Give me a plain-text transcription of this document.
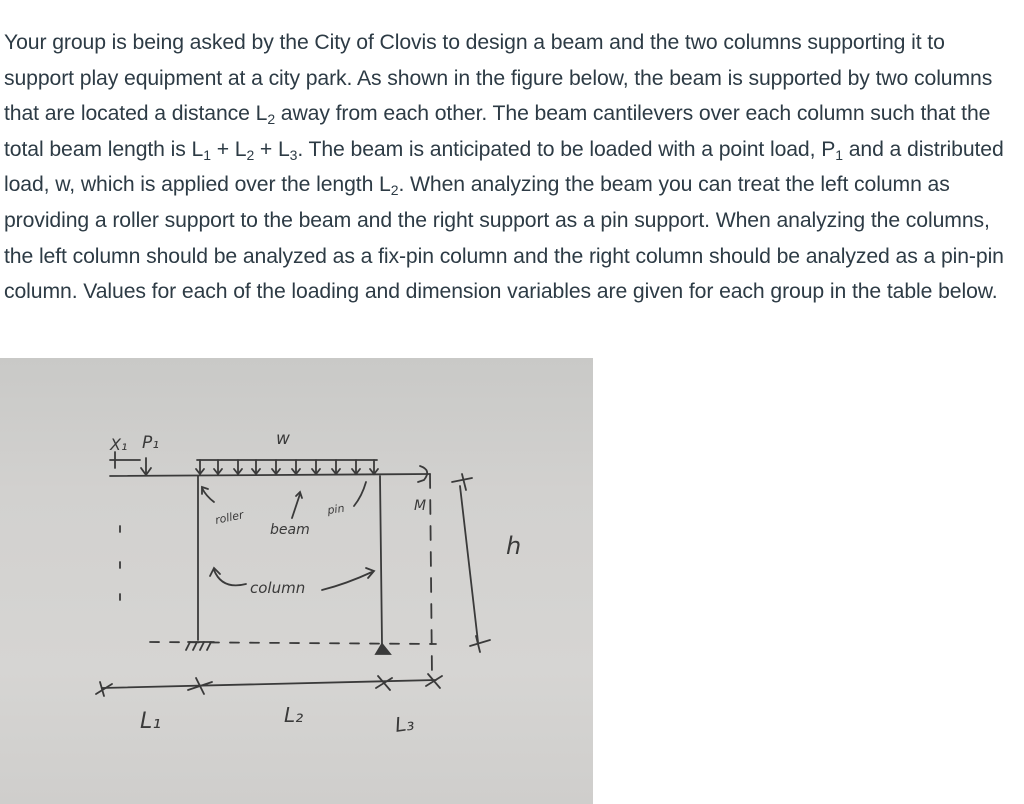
Your group is being asked by the City of Clovis to design a beam and the two columns supporting it to support play equipment at a city park. As shown in the figure below, the beam is supported by two columns that are located a distance $L_2$ away from each other. The beam cantilevers over each column such that the total beam length is $L_1 + L_2 + L_3$. The beam is anticipated to be loaded with a point load, $P_1$ and a distributed load, w, which is applied over the length $L_2$. When analyzing the beam you can treat the left column as providing a roller support to the beam and the right support as a pin support. When analyzing the columns, the left column should be analyzed as a fix-pin column and the right column should be analyzed as a pin-pin column. Values for each of the loading and dimension variables are given for each group in the table below.

X₁ P₁	w
roller
beam
pin	M
column
h
L₁	L₂	L₃
